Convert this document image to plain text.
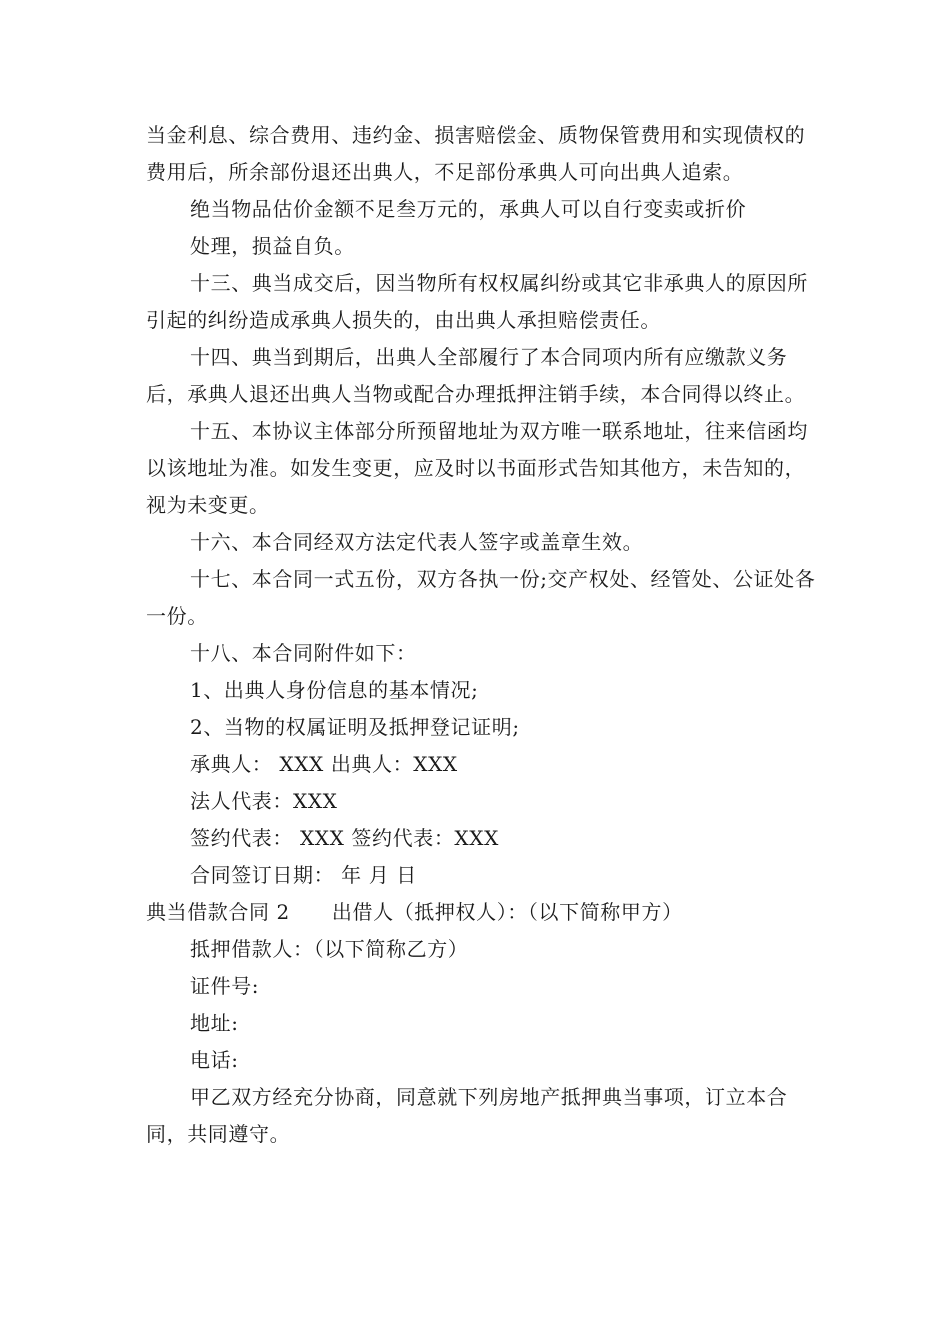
当金利息、综合费用、违约金、损害赔偿金、质物保管费用和实现债权的费用后，所余部份退还出典人，不足部份承典人可向出典人追索。

绝当物品估价金额不足叁万元的，承典人可以自行变卖或折价

处理，损益自负。

十三、典当成交后，因当物所有权权属纠纷或其它非承典人的原因所引起的纠纷造成承典人损失的，由出典人承担赔偿责任。

十四、典当到期后，出典人全部履行了本合同项内所有应缴款义务后，承典人退还出典人当物或配合办理抵押注销手续，本合同得以终止。

十五、本协议主体部分所预留地址为双方唯一联系地址，往来信函均以该地址为准。如发生变更，应及时以书面形式告知其他方，未告知的，视为未变更。

十六、本合同经双方法定代表人签字或盖章生效。

十七、本合同一式五份，双方各执一份;交产权处、经管处、公证处各一份。

十八、本合同附件如下：

1、出典人身份信息的基本情况;

2、当物的权属证明及抵押登记证明;

承典人： XXX 出典人：XXX

法人代表：XXX

签约代表： XXX 签约代表：XXX

合同签订日期： 年 月 日

典当借款合同 2 出借人（抵押权人）：（以下简称甲方）

抵押借款人：（以下简称乙方）

证件号:

地址:

电话:

甲乙双方经充分协商，同意就下列房地产抵押典当事项，订立本合同，共同遵守。
